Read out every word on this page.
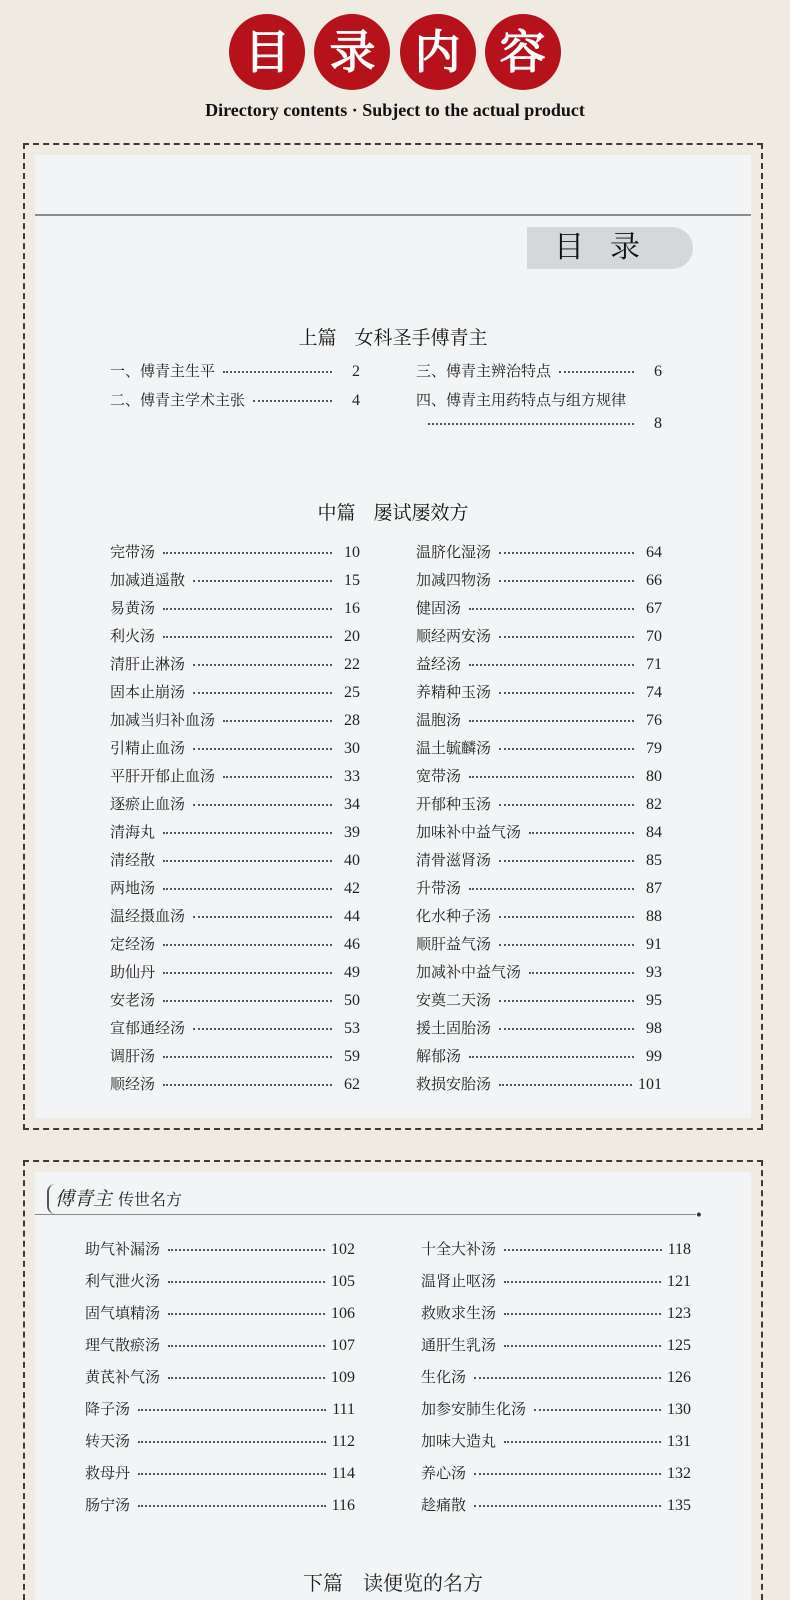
目 录 内 容
Directory contents · Subject to the actual product
目录
上篇 女科圣手傅青主
一、傅青主生平	2
二、傅青主学术主张	4
三、傅青主辨治特点	6
四、傅青主用药特点与组方规律
8
中篇 屡试屡效方
完带汤	10
加减逍遥散	15
易黄汤	16
利火汤	20
清肝止淋汤	22
固本止崩汤	25
加减当归补血汤	28
引精止血汤	30
平肝开郁止血汤	33
逐瘀止血汤	34
清海丸	39
清经散	40
两地汤	42
温经摄血汤	44
定经汤	46
助仙丹	49
安老汤	50
宣郁通经汤	53
调肝汤	59
顺经汤	62
温脐化湿汤	64
加减四物汤	66
健固汤	67
顺经两安汤	70
益经汤	71
养精种玉汤	74
温胞汤	76
温土毓麟汤	79
宽带汤	80
开郁种玉汤	82
加味补中益气汤	84
清骨滋肾汤	85
升带汤	87
化水种子汤	88
顺肝益气汤	91
加减补中益气汤	93
安奠二天汤	95
援土固胎汤	98
解郁汤	99
救损安胎汤	101
傅青主 传世名方
•
助气补漏汤	102
利气泄火汤	105
固气填精汤	106
理气散瘀汤	107
黄芪补气汤	109
降子汤	111
转天汤	112
救母丹	114
肠宁汤	116
十全大补汤	118
温肾止呕汤	121
救败求生汤	123
通肝生乳汤	125
生化汤	126
加参安肺生化汤	130
加味大造丸	131
养心汤	132
趁痛散	135
下篇　读便览的名方
